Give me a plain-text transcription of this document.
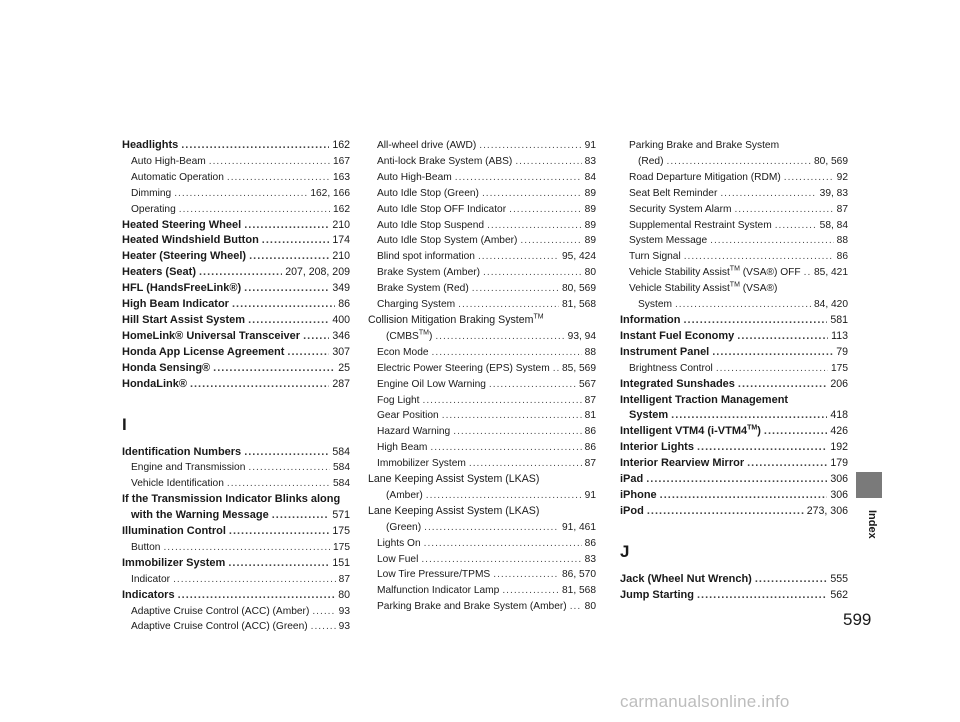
Headlights .....	162
Auto High-Beam .....	167
Automatic Operation .....	163
Dimming .....	162, 166
Operating .....	162
Heated Steering Wheel .....	210
Heated Windshield Button .....	174
Heater (Steering Wheel) .....	210
Heaters (Seat) .....	207, 208, 209
HFL (HandsFreeLink®) .....	349
High Beam Indicator .....	86
Hill Start Assist System .....	400
HomeLink® Universal Transceiver .....	346
Honda App License Agreement .....	307
Honda Sensing® .....	25
HondaLink® .....	287
I
Identification Numbers .....	584
Engine and Transmission .....	584
Vehicle Identification .....	584
If the Transmission Indicator Blinks along
with the Warning Message .....	571
Illumination Control .....	175
Button .....	175
Immobilizer System .....	151
Indicator .....	87
Indicators .....	80
Adaptive Cruise Control (ACC) (Amber) .....	93
Adaptive Cruise Control (ACC) (Green) .....	93
All-wheel drive (AWD) .....	91
Anti-lock Brake System (ABS) .....	83
Auto High-Beam .....	84
Auto Idle Stop (Green) .....	89
Auto Idle Stop OFF Indicator .....	89
Auto Idle Stop Suspend .....	89
Auto Idle Stop System (Amber) .....	89
Blind spot information .....	95, 424
Brake System (Amber) .....	80
Brake System (Red) .....	80, 569
Charging System .....	81, 568
Collision Mitigation Braking System™
(CMBS™) .....	93, 94
Econ Mode .....	88
Electric Power Steering (EPS) System ..... 85, 569
Engine Oil Low Warning .....	567
Fog Light .....	87
Gear Position .....	81
Hazard Warning .....	86
High Beam .....	86
Immobilizer System .....	87
Lane Keeping Assist System (LKAS)
(Amber) .....	91
Lane Keeping Assist System (LKAS)
(Green) .....	91, 461
Lights On .....	86
Low Fuel .....	83
Low Tire Pressure/TPMS .....	86, 570
Malfunction Indicator Lamp .....	81, 568
Parking Brake and Brake System (Amber) ..... 80
Parking Brake and Brake System
(Red) .....	80, 569
Road Departure Mitigation (RDM) .....	92
Seat Belt Reminder .....	39, 83
Security System Alarm .....	87
Supplemental Restraint System .....	58, 84
System Message .....	88
Turn Signal .....	86
Vehicle Stability Assist™ (VSA®) OFF ..... 85, 421
Vehicle Stability Assist™ (VSA®)
System .....	84, 420
Information .....	581
Instant Fuel Economy .....	113
Instrument Panel .....	79
Brightness Control .....	175
Integrated Sunshades .....	206
Intelligent Traction Management
System .....	418
Intelligent VTM4 (i-VTM4™) .....	426
Interior Lights .....	192
Interior Rearview Mirror .....	179
iPad .....	306
iPhone .....	306
iPod .....	273, 306
J
Jack (Wheel Nut Wrench) .....	555
Jump Starting .....	562
Index
599
carmanualsonline.info
